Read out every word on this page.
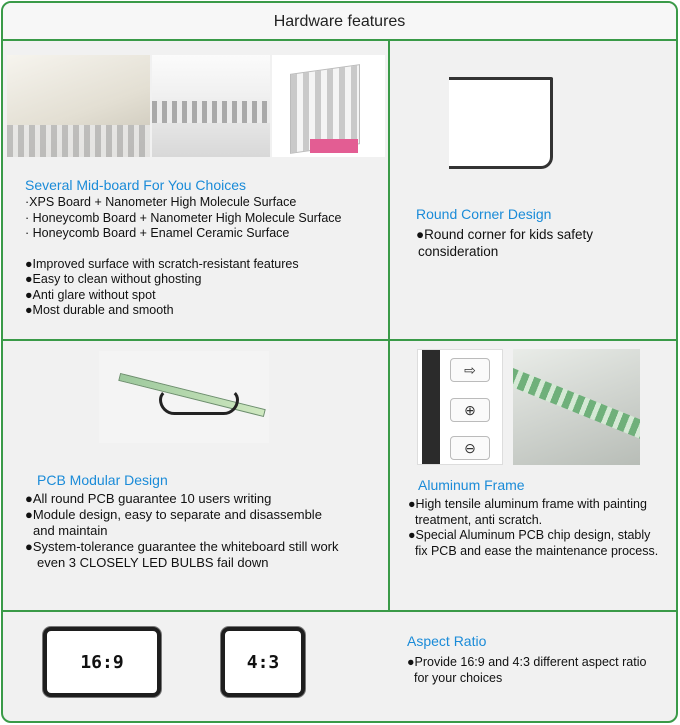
Hardware features
Several Mid-board For You Choices
·XPS Board + Nanometer High Molecule Surface
· Honeycomb Board + Nanometer High Molecule Surface
· Honeycomb Board + Enamel Ceramic Surface
●Improved surface with scratch-resistant features
●Easy to clean without ghosting
●Anti glare without spot
●Most durable and smooth
Round Corner Design
●Round corner for kids safety
consideration
PCB Modular Design
●All round PCB guarantee 10 users writing
●Module design, easy to separate and disassemble
and maintain
●System-tolerance guarantee the whiteboard still work
even 3 CLOSELY LED BULBS fail down
⇨
⊕
⊖
Aluminum Frame
●High tensile aluminum frame with painting
treatment, anti scratch.
●Special Aluminum PCB chip design, stably
fix PCB and ease the maintenance process.
16:9	4:3
Aspect Ratio
●Provide 16:9 and 4:3 different aspect ratio
for your choices
